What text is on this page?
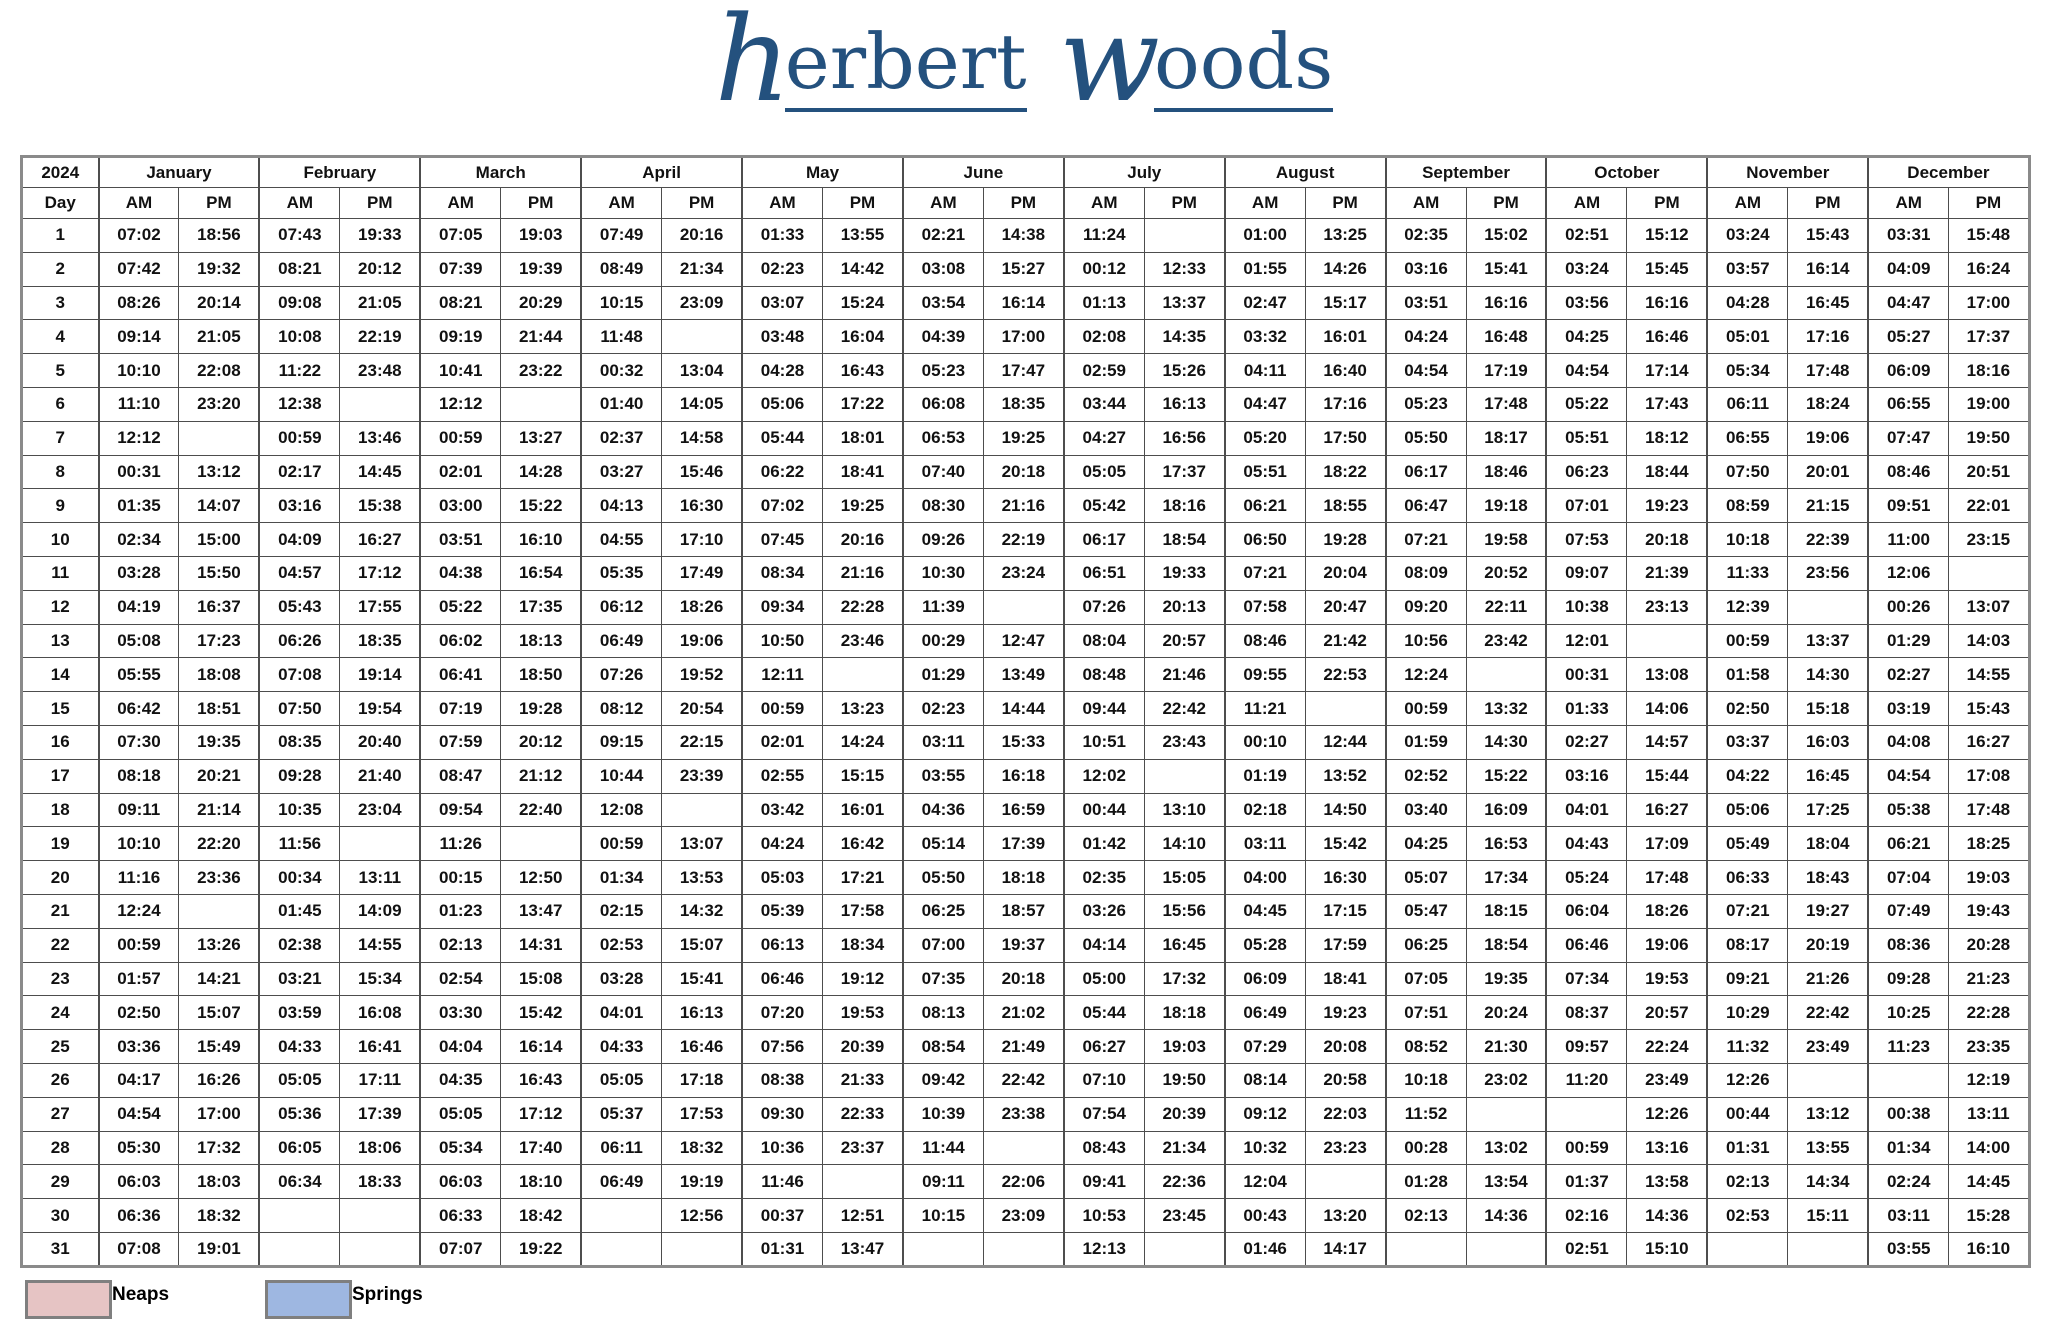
herbert woods
2024	January		February		March		April		May		June		July		August		September		October		November		December	
Day	AM	PM	AM	PM	AM	PM	AM	PM	AM	PM	AM	PM	AM	PM	AM	PM	AM	PM	AM	PM	AM	PM	AM	PM
1	07:02	18:56	07:43	19:33	07:05	19:03	07:49	20:16	01:33	13:55	02:21	14:38	11:24		01:00	13:25	02:35	15:02	02:51	15:12	03:24	15:43	03:31	15:48
2	07:42	19:32	08:21	20:12	07:39	19:39	08:49	21:34	02:23	14:42	03:08	15:27	00:12	12:33	01:55	14:26	03:16	15:41	03:24	15:45	03:57	16:14	04:09	16:24
3	08:26	20:14	09:08	21:05	08:21	20:29	10:15	23:09	03:07	15:24	03:54	16:14	01:13	13:37	02:47	15:17	03:51	16:16	03:56	16:16	04:28	16:45	04:47	17:00
4	09:14	21:05	10:08	22:19	09:19	21:44	11:48		03:48	16:04	04:39	17:00	02:08	14:35	03:32	16:01	04:24	16:48	04:25	16:46	05:01	17:16	05:27	17:37
5	10:10	22:08	11:22	23:48	10:41	23:22	00:32	13:04	04:28	16:43	05:23	17:47	02:59	15:26	04:11	16:40	04:54	17:19	04:54	17:14	05:34	17:48	06:09	18:16
6	11:10	23:20	12:38		12:12		01:40	14:05	05:06	17:22	06:08	18:35	03:44	16:13	04:47	17:16	05:23	17:48	05:22	17:43	06:11	18:24	06:55	19:00
7	12:12		00:59	13:46	00:59	13:27	02:37	14:58	05:44	18:01	06:53	19:25	04:27	16:56	05:20	17:50	05:50	18:17	05:51	18:12	06:55	19:06	07:47	19:50
8	00:31	13:12	02:17	14:45	02:01	14:28	03:27	15:46	06:22	18:41	07:40	20:18	05:05	17:37	05:51	18:22	06:17	18:46	06:23	18:44	07:50	20:01	08:46	20:51
9	01:35	14:07	03:16	15:38	03:00	15:22	04:13	16:30	07:02	19:25	08:30	21:16	05:42	18:16	06:21	18:55	06:47	19:18	07:01	19:23	08:59	21:15	09:51	22:01
10	02:34	15:00	04:09	16:27	03:51	16:10	04:55	17:10	07:45	20:16	09:26	22:19	06:17	18:54	06:50	19:28	07:21	19:58	07:53	20:18	10:18	22:39	11:00	23:15
11	03:28	15:50	04:57	17:12	04:38	16:54	05:35	17:49	08:34	21:16	10:30	23:24	06:51	19:33	07:21	20:04	08:09	20:52	09:07	21:39	11:33	23:56	12:06	
12	04:19	16:37	05:43	17:55	05:22	17:35	06:12	18:26	09:34	22:28	11:39		07:26	20:13	07:58	20:47	09:20	22:11	10:38	23:13	12:39		00:26	13:07
13	05:08	17:23	06:26	18:35	06:02	18:13	06:49	19:06	10:50	23:46	00:29	12:47	08:04	20:57	08:46	21:42	10:56	23:42	12:01		00:59	13:37	01:29	14:03
14	05:55	18:08	07:08	19:14	06:41	18:50	07:26	19:52	12:11		01:29	13:49	08:48	21:46	09:55	22:53	12:24		00:31	13:08	01:58	14:30	02:27	14:55
15	06:42	18:51	07:50	19:54	07:19	19:28	08:12	20:54	00:59	13:23	02:23	14:44	09:44	22:42	11:21		00:59	13:32	01:33	14:06	02:50	15:18	03:19	15:43
16	07:30	19:35	08:35	20:40	07:59	20:12	09:15	22:15	02:01	14:24	03:11	15:33	10:51	23:43	00:10	12:44	01:59	14:30	02:27	14:57	03:37	16:03	04:08	16:27
17	08:18	20:21	09:28	21:40	08:47	21:12	10:44	23:39	02:55	15:15	03:55	16:18	12:02		01:19	13:52	02:52	15:22	03:16	15:44	04:22	16:45	04:54	17:08
18	09:11	21:14	10:35	23:04	09:54	22:40	12:08		03:42	16:01	04:36	16:59	00:44	13:10	02:18	14:50	03:40	16:09	04:01	16:27	05:06	17:25	05:38	17:48
19	10:10	22:20	11:56		11:26		00:59	13:07	04:24	16:42	05:14	17:39	01:42	14:10	03:11	15:42	04:25	16:53	04:43	17:09	05:49	18:04	06:21	18:25
20	11:16	23:36	00:34	13:11	00:15	12:50	01:34	13:53	05:03	17:21	05:50	18:18	02:35	15:05	04:00	16:30	05:07	17:34	05:24	17:48	06:33	18:43	07:04	19:03
21	12:24		01:45	14:09	01:23	13:47	02:15	14:32	05:39	17:58	06:25	18:57	03:26	15:56	04:45	17:15	05:47	18:15	06:04	18:26	07:21	19:27	07:49	19:43
22	00:59	13:26	02:38	14:55	02:13	14:31	02:53	15:07	06:13	18:34	07:00	19:37	04:14	16:45	05:28	17:59	06:25	18:54	06:46	19:06	08:17	20:19	08:36	20:28
23	01:57	14:21	03:21	15:34	02:54	15:08	03:28	15:41	06:46	19:12	07:35	20:18	05:00	17:32	06:09	18:41	07:05	19:35	07:34	19:53	09:21	21:26	09:28	21:23
24	02:50	15:07	03:59	16:08	03:30	15:42	04:01	16:13	07:20	19:53	08:13	21:02	05:44	18:18	06:49	19:23	07:51	20:24	08:37	20:57	10:29	22:42	10:25	22:28
25	03:36	15:49	04:33	16:41	04:04	16:14	04:33	16:46	07:56	20:39	08:54	21:49	06:27	19:03	07:29	20:08	08:52	21:30	09:57	22:24	11:32	23:49	11:23	23:35
26	04:17	16:26	05:05	17:11	04:35	16:43	05:05	17:18	08:38	21:33	09:42	22:42	07:10	19:50	08:14	20:58	10:18	23:02	11:20	23:49	12:26			12:19
27	04:54	17:00	05:36	17:39	05:05	17:12	05:37	17:53	09:30	22:33	10:39	23:38	07:54	20:39	09:12	22:03	11:52			12:26	00:44	13:12	00:38	13:11
28	05:30	17:32	06:05	18:06	05:34	17:40	06:11	18:32	10:36	23:37	11:44		08:43	21:34	10:32	23:23	00:28	13:02	00:59	13:16	01:31	13:55	01:34	14:00
29	06:03	18:03	06:34	18:33	06:03	18:10	06:49	19:19	11:46		09:11	22:06	09:41	22:36	12:04		01:28	13:54	01:37	13:58	02:13	14:34	02:24	14:45
30	06:36	18:32			06:33	18:42		12:56	00:37	12:51	10:15	23:09	10:53	23:45	00:43	13:20	02:13	14:36	02:16	14:36	02:53	15:11	03:11	15:28
31	07:08	19:01			07:07	19:22			01:31	13:47			12:13		01:46	14:17			02:51	15:10			03:55	16:10
Neaps	Springs
